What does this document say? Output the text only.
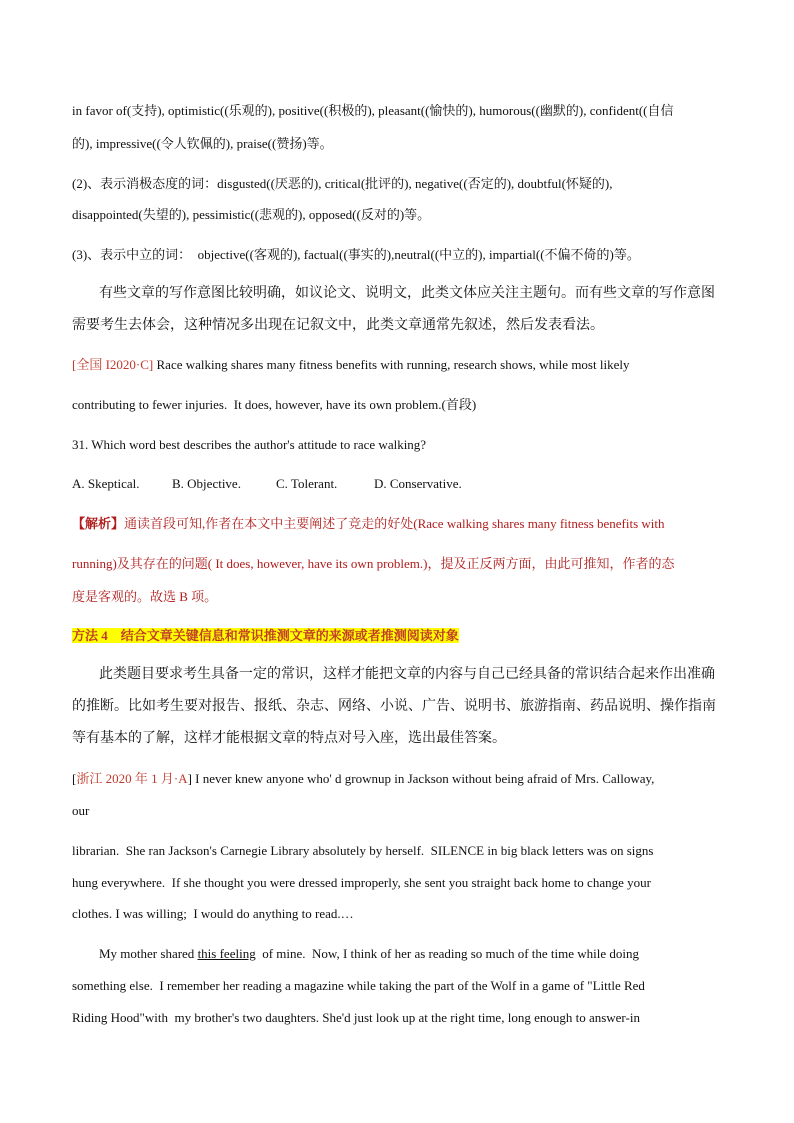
in favor of(支持), optimistic((乐观的), positive((积极的), pleasant((愉快的), humorous((幽默的), confident((自信
的), impressive((令人钦佩的), praise((赞扬)等。
(2)、表示消极态度的词：disgusted((厌恶的), critical(批评的), negative((否定的), doubtful(怀疑的),
disappointed(失望的), pessimistic((悲观的), opposed((反对的)等。
(3)、表示中立的词：  objective((客观的), factual((事实的),neutral((中立的), impartial((不偏不倚的)等。
有些文章的写作意图比较明确，如议论文、说明文，此类文体应关注主题句。而有些文章的写作意图
需要考生去体会，这种情况多出现在记叙文中，此类文章通常先叙述，然后发表看法。
[全国 I2020·C] Race walking shares many fitness benefits with running, research shows, while most likely
contributing to fewer injuries.  It does, however, have its own problem.(首段)
31. Which word best describes the author's attitude to race walking?
A. Skeptical. B. Objective.	C. Tolerant.	D. Conservative.
【解析】通读首段可知,作者在本文中主要阐述了竞走的好处(Race walking shares many fitness benefits with
running)及其存在的问题( It does, however, have its own problem.)，提及正反两方面，由此可推知，作者的态
度是客观的。故选 B 项。
方法 4    结合文章关键信息和常识推测文章的来源或者推测阅读对象
此类题目要求考生具备一定的常识，这样才能把文章的内容与自己已经具备的常识结合起来作出准确
的推断。比如考生要对报告、报纸、杂志、网络、小说、广告、说明书、旅游指南、药品说明、操作指南
等有基本的了解，这样才能根据文章的特点对号入座，选出最佳答案。
[浙江 2020 年 1 月·A] I never knew anyone who' d grownup in Jackson without being afraid of Mrs. Calloway,
our
librarian.  She ran Jackson's Carnegie Library absolutely by herself.  SILENCE in big black letters was on signs
hung everywhere.  If she thought you were dressed improperly, she sent you straight back home to change your
clothes. I was willing;  I would do anything to read.…
My mother shared this feeling  of mine.  Now, I think of her as reading so much of the time while doing
something else.  I remember her reading a magazine while taking the part of the Wolf in a game of "Little Red
Riding Hood"with  my brother's two daughters. She'd just look up at the right time, long enough to answer-in
